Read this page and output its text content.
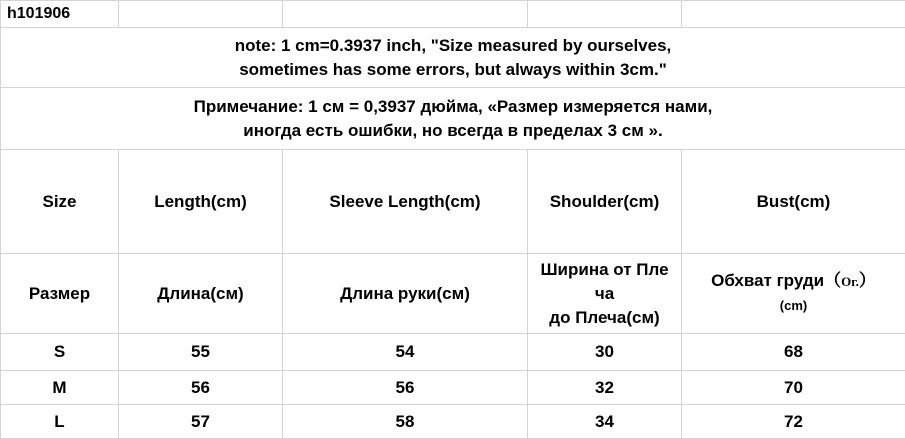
h101906				

note: 1 cm=0.3937 inch, "Size measured by ourselves,
sometimes has some errors, but always within 3cm."				

Примечание: 1 см = 0,3937 дюйма, «Размер измеряется нами,
иногда есть ошибки, но всегда в пределах 3 см ».				

Size	Length(cm)	Sleeve Length(cm)	Shoulder(cm)	Bust(cm)
Размер	Длина(см)	Длина руки(см)	Ширина от Пле
ча
до Плеча(см)	Обхват груди（Ог.）
(cm)

S	55	54	30	68
M	56	56	32	70
L	57	58	34	72
